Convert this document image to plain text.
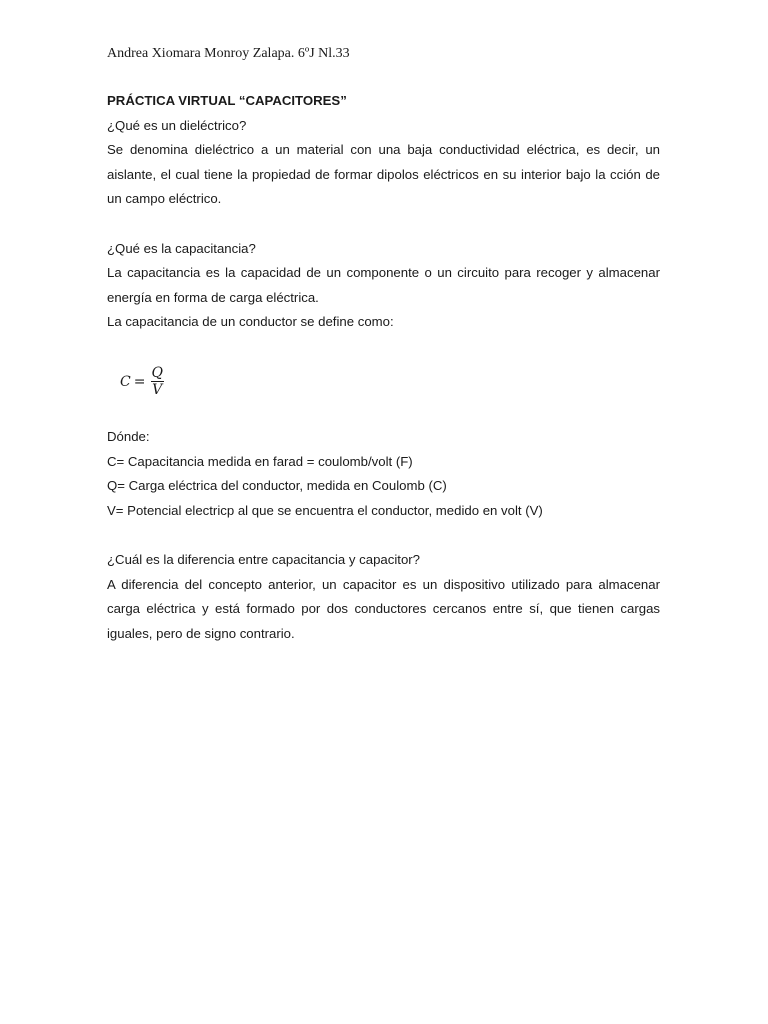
Andrea Xiomara Monroy Zalapa. 6ºJ Nl.33

PRÁCTICA VIRTUAL “CAPACITORES”

¿Qué es un dieléctrico?

Se denomina dieléctrico a un material con una baja conductividad eléctrica, es decir, un aislante, el cual tiene la propiedad de formar dipolos eléctricos en su interior bajo la cción de un campo eléctrico.

¿Qué es la capacitancia?

La capacitancia es la capacidad de un componente o un circuito para recoger y almacenar energía en forma de carga eléctrica.

La capacitancia de un conductor se define como:

$C = \frac{Q}{V}$

Dónde:

C= Capacitancia medida en farad = coulomb/volt (F)

Q= Carga eléctrica del conductor, medida en Coulomb (C)

V= Potencial electricp al que se encuentra el conductor, medido en volt (V)

¿Cuál es la diferencia entre capacitancia y capacitor?

A diferencia del concepto anterior, un capacitor es un dispositivo utilizado para almacenar carga eléctrica y está formado por dos conductores cercanos entre sí, que tienen cargas iguales, pero de signo contrario.
